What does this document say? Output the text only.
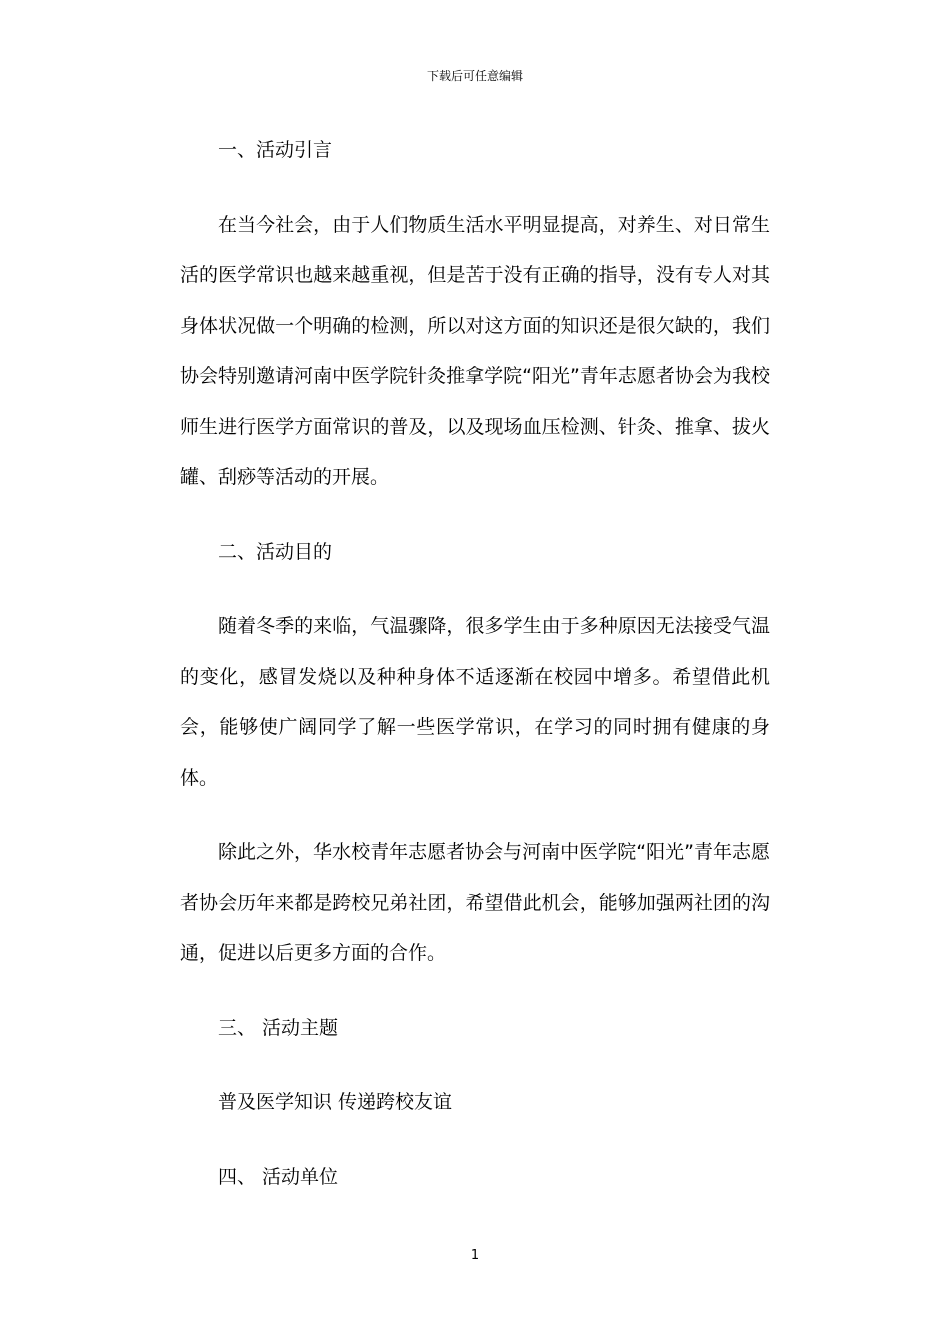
下载后可任意编辑

一、活动引言

在当今社会，由于人们物质生活水平明显提高，对养生、对日常生活的医学常识也越来越重视，但是苦于没有正确的指导，没有专人对其身体状况做一个明确的检测，所以对这方面的知识还是很欠缺的，我们协会特别邀请河南中医学院针灸推拿学院“阳光”青年志愿者协会为我校师生进行医学方面常识的普及，以及现场血压检测、针灸、推拿、拔火罐、刮痧等活动的开展。

二、活动目的

随着冬季的来临，气温骤降，很多学生由于多种原因无法接受气温的变化，感冒发烧以及种种身体不适逐渐在校园中增多。希望借此机会，能够使广阔同学了解一些医学常识，在学习的同时拥有健康的身体。

除此之外，华水校青年志愿者协会与河南中医学院“阳光”青年志愿者协会历年来都是跨校兄弟社团，希望借此机会，能够加强两社团的沟通，促进以后更多方面的合作。

三、 活动主题

普及医学知识 传递跨校友谊

四、 活动单位

1
